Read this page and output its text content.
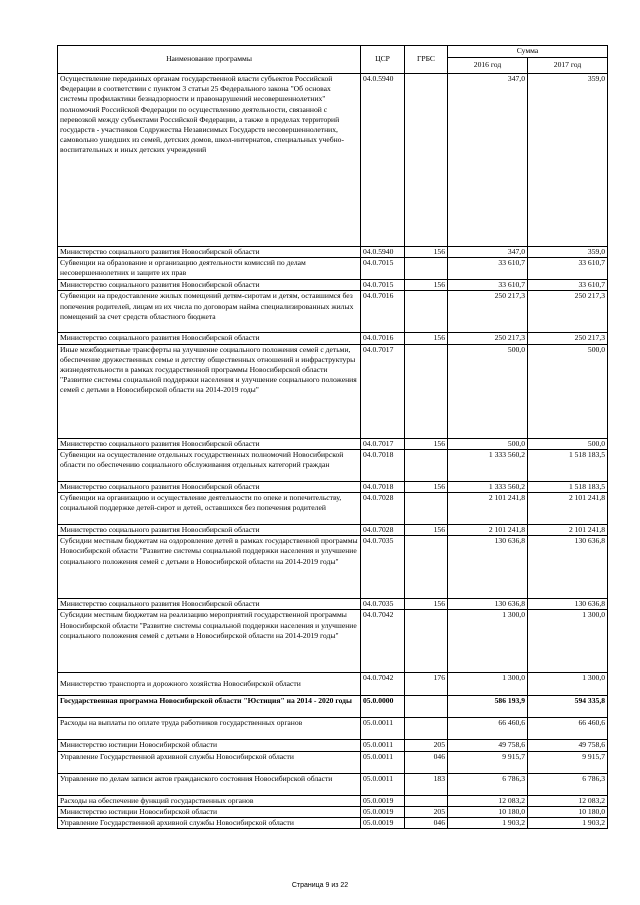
Наименование программы	ЦСР	ГРБС	Сумма	
			2016 год	2017 год
Осуществление переданных органам государственной власти субъектов Российской Федерации в соответствии с пунктом 3 статьи 25 Федерального закона "Об основах системы профилактики безнадзорности и правонарушений несовершеннолетних" полномочий Российской Федерации по осуществлению деятельности, связанной с перевозкой между субъектами Российской Федерации, а также в пределах территорий государств - участников Содружества Независимых Государств несовершеннолетних, самовольно ушедших из семей, детских домов, школ-интернатов, специальных учебно-воспитательных и иных детских учреждений	04.0.5940		347,0	359,0
Министерство социального развития Новосибирской области	04.0.5940	156	347,0	359,0
Субвенции на образование и организацию деятельности комиссий по делам несовершеннолетних и защите их прав	04.0.7015		33 610,7	33 610,7
Министерство социального развития Новосибирской области	04.0.7015	156	33 610,7	33 610,7
Субвенции на предоставление жилых помещений детям-сиротам и детям, оставшимся без попечения родителей, лицам из их числа по договорам найма специализированных жилых помещений за счет средств областного бюджета	04.0.7016		250 217,3	250 217,3
Министерство социального развития Новосибирской области	04.0.7016	156	250 217,3	250 217,3
Иные межбюджетные трансферты на улучшение социального положения семей с детьми, обеспечение дружественных семье и детству общественных отношений и инфраструктуры жизнедеятельности в рамках государственной программы Новосибирской области "Развитие системы социальной поддержки населения и улучшение социального положения семей с детьми в Новосибирской области на 2014-2019 годы"	04.0.7017		500,0	500,0
Министерство социального развития Новосибирской области	04.0.7017	156	500,0	500,0
Субвенции на осуществление отдельных государственных полномочий Новосибирской области по обеспечению социального обслуживания отдельных категорий граждан	04.0.7018		1 333 560,2	1 518 183,5
Министерство социального развития Новосибирской области	04.0.7018	156	1 333 560,2	1 518 183,5
Субвенции на организацию и осуществление деятельности по опеке и попечительству, социальной поддержке детей-сирот и детей, оставшихся без попечения родителей	04.0.7028		2 101 241,8	2 101 241,8
Министерство социального развития Новосибирской области	04.0.7028	156	2 101 241,8	2 101 241,8
Субсидии местным бюджетам на оздоровление детей в рамках государственной программы Новосибирской области "Развитие системы социальной поддержки населения и улучшение социального положения семей с детьми в Новосибирской области на 2014-2019 годы"	04.0.7035		130 636,8	130 636,8
Министерство социального развития Новосибирской области	04.0.7035	156	130 636,8	130 636,8
Субсидии местным бюджетам на реализацию мероприятий государственной программы Новосибирской области "Развитие системы социальной поддержки населения и улучшение социального положения семей с детьми в Новосибирской области на 2014-2019 годы"	04.0.7042		1 300,0	1 300,0
Министерство транспорта и дорожного хозяйства Новосибирской области	04.0.7042	176	1 300,0	1 300,0
Государственная программа Новосибирской области "Юстиция" на 2014 - 2020 годы	05.0.0000		586 193,9	594 335,8
Расходы на выплаты по оплате труда работников государственных органов	05.0.0011		66 460,6	66 460,6
Министерство юстиции Новосибирской области	05.0.0011	205	49 758,6	49 758,6
Управление Государственной архивной службы Новосибирской области	05.0.0011	046	9 915,7	9 915,7
Управление по делам записи актов гражданского состояния Новосибирской области	05.0.0011	183	6 786,3	6 786,3
Расходы на обеспечение функций государственных органов	05.0.0019		12 083,2	12 083,2
Министерство юстиции Новосибирской области	05.0.0019	205	10 180,0	10 180,0
Управление Государственной архивной службы Новосибирской области	05.0.0019	046	1 903,2	1 903,2
Страница 9 из 22
